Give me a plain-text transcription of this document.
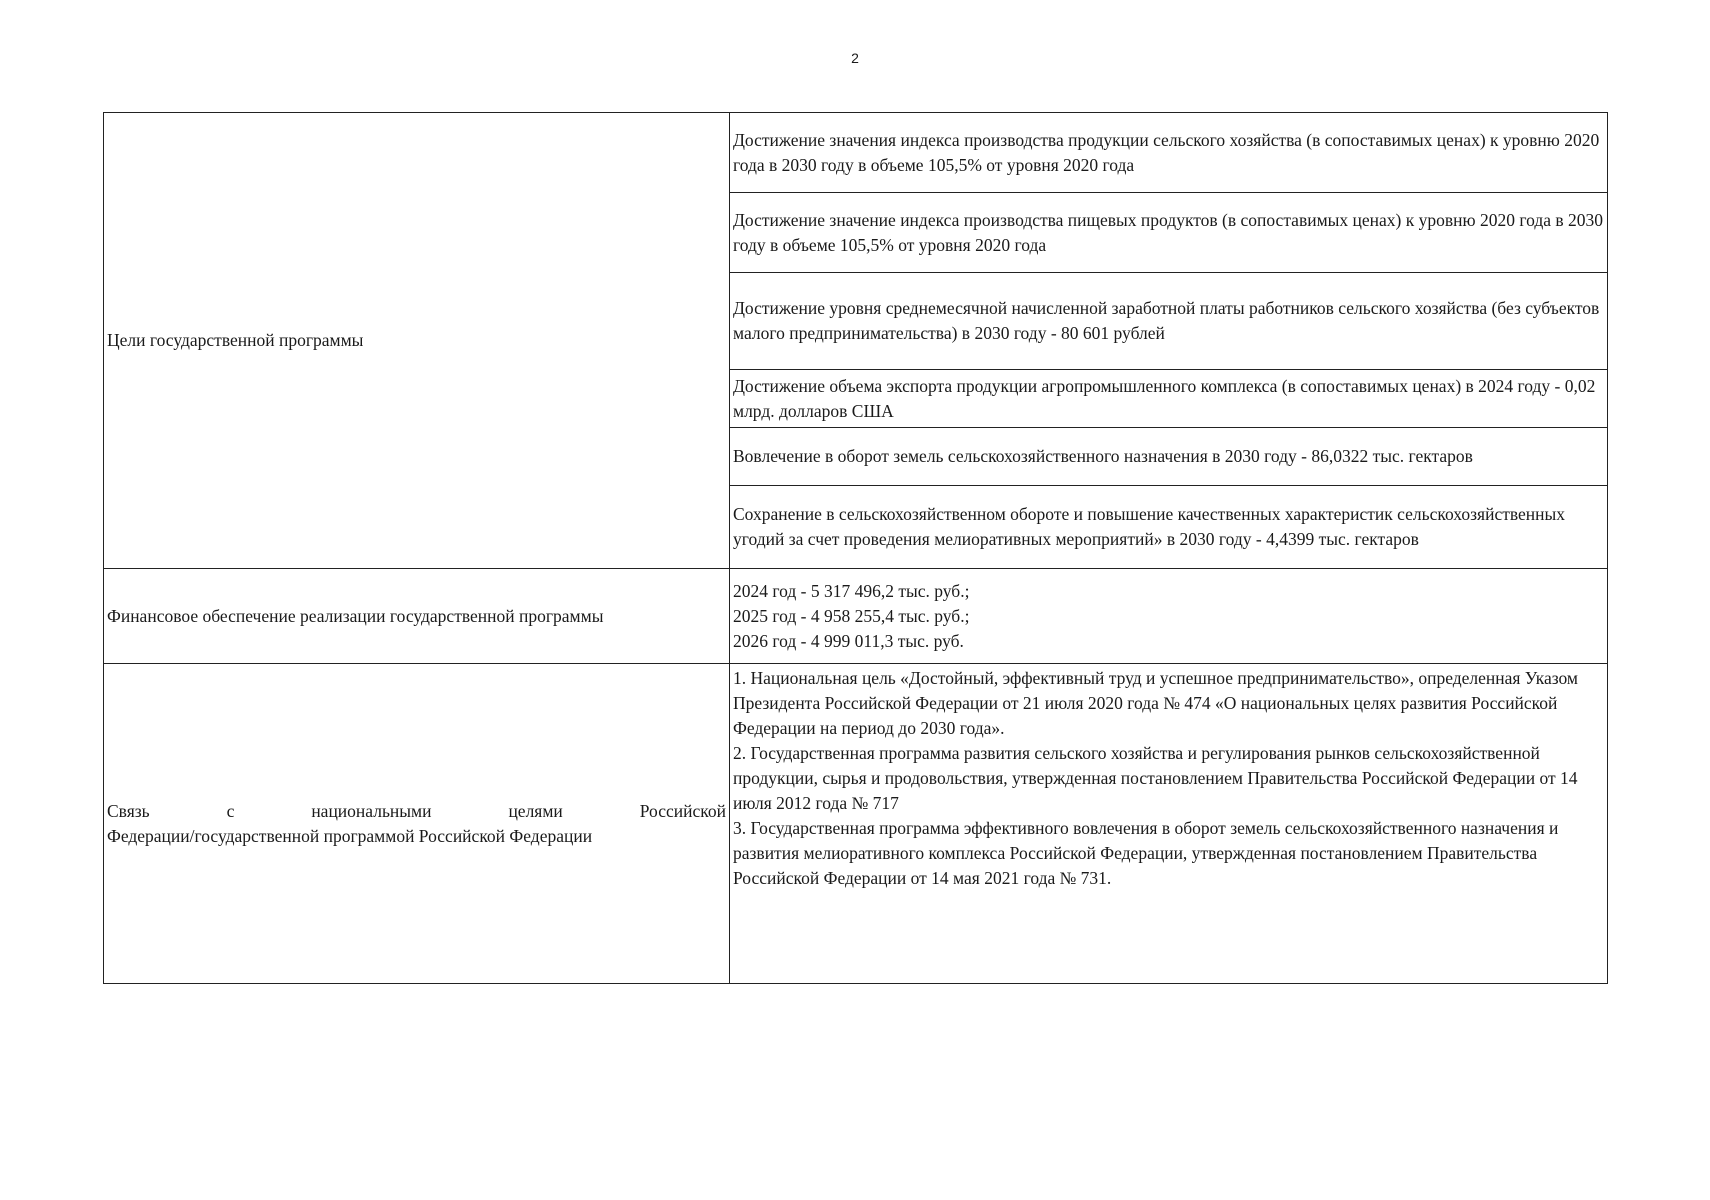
2
Цели государственной программы	Достижение значения индекса производства продукции сельского хозяйства (в сопоставимых ценах) к уровню 2020 года в 2030 году в объеме 105,5% от уровня 2020 года
	Достижение значение индекса производства пищевых продуктов (в сопоставимых ценах) к уровню 2020 года в 2030 году в объеме 105,5% от уровня 2020 года
	Достижение уровня среднемесячной начисленной заработной платы работников сельского хозяйства (без субъектов малого предпринимательства) в 2030 году - 80 601 рублей
	Достижение объема экспорта продукции агропромышленного комплекса (в сопоставимых ценах) в 2024 году - 0,02 млрд. долларов США
	Вовлечение в оборот земель сельскохозяйственного назначения в 2030 году - 86,0322 тыс. гектаров
	Сохранение в сельскохозяйственном обороте и повышение качественных характеристик сельскохозяйственных угодий за счет проведения мелиоративных мероприятий» в 2030 году - 4,4399 тыс. гектаров
Финансовое обеспечение реализации государственной программы	2024 год - 5 317 496,2 тыс. руб.;
2025 год - 4 958 255,4 тыс. руб.;
2026 год - 4 999 011,3 тыс. руб.

Связь с национальными целями Российской
Федерации/государственной программой Российской Федерации	1. Национальная цель «Достойный, эффективный труд и успешное предпринимательство», определенная Указом Президента Российской Федерации от 21 июля 2020 года № 474 «О национальных целях развития Российской Федерации на период до 2030 года».
2. Государственная программа развития сельского хозяйства и регулирования рынков сельскохозяйственной продукции, сырья и продовольствия, утвержденная постановлением Правительства Российской Федерации от 14 июля 2012 года № 717
3. Государственная программа эффективного вовлечения в оборот земель сельскохозяйственного назначения и развития мелиоративного комплекса Российской Федерации, утвержденная постановлением Правительства Российской Федерации от 14 мая 2021 года № 731.
